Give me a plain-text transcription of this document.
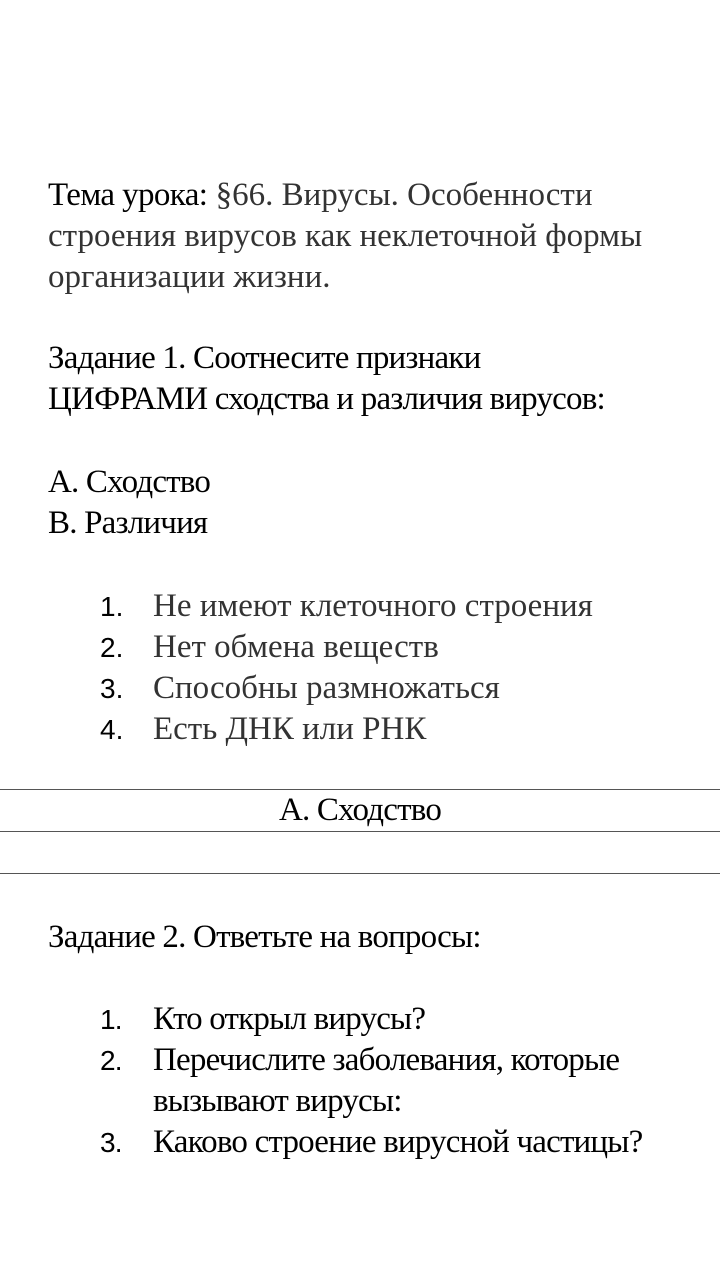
Тема урока: §66. Вирусы. Особенности строения вирусов как неклеточной формы организации жизни.
Задание 1. Соотнесите признаки
ЦИФРАМИ сходства и различия вирусов:
А. Сходство
В. Различия
1. Не имеют клеточного строения
2. Нет обмена веществ
3. Способны размножаться
4. Есть ДНК или РНК
А. Сходство
Задание 2. Ответьте на вопросы:
1. Кто открыл вирусы?
2. Перечислите заболевания, которые вызывают вирусы:
3. Каково строение вирусной частицы?
